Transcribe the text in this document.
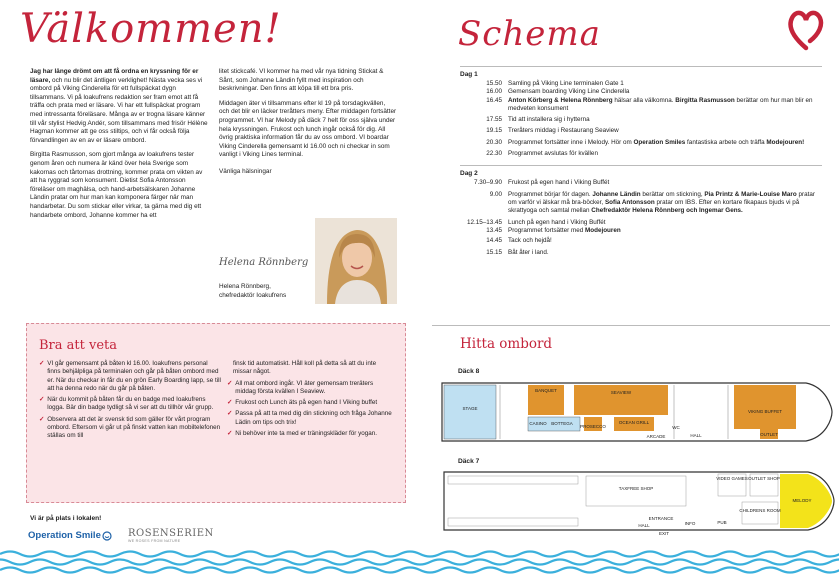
Välkommen!

Jag har länge drömt om att få ordna en kryssning för er läsare, och nu blir det äntligen verklighet! Nästa vecka ses vi ombord på Viking Cinderella för ett fullspäckat dygn tillsammans. Vi på loakufrens redaktion ser fram emot att få träffa och prata med er läsare. Vi har ett fullspäckat program med intressanta föreläsare. Många av er trogna läsare känner till vår stylist Hedvig Andér, som tillsammans med frisör Hélène Hagman kommer att ge oss stiltips, och vi får också följa förvandlingen av en av er läsare ombord.

Birgitta Rasmusson, som gjort många av loakufrens tester genom åren och numera är känd över hela Sverige som kakornas och tårtornas drottning, kommer prata om vikten av att ha ryggrad som konsument. Dietist Sofia Antonsson föreläser om maghälsa, och hand-arbetsälskaren Johanne Ländin pratar om hur man kan komponera färger när man handarbetar. Du som stickar eller virkar, ta gärna med dig ett handarbete ombord, Johanne kommer ha ett

litet stickcafé. VI kommer ha med vår nya tidning Stickat & Sånt, som Johanne Ländin fyllt med inspiration och beskrivningar. Den finns att köpa till ett bra pris.

Middagen äter vi tillsammans efter kl 19 på torsdagkvällen, och det blir en läcker treråtters meny. Efter middagen fortsätter programmet. VI har Melody på däck 7 helt för oss själva under hela kryssningen. Frukost och lunch ingår också för dig. All övrig praktiska information får du av oss ombord. VI boardar Viking Cinderella gemensamt kl 16.00 och ni checkar in som vanligt i Viking Lines terminal.

Vänliga hälsningar

Helena Rönnberg
Helena Rönnberg,
chefredaktör Ioakufrens
Bra att veta
✓ VI går gemensamt på båten kl 16.00. Ioakufrens personal finns behjälpliga på terminalen och går på båten ombord med er. När du checkar in får du en grön Early Boarding lapp, se till att ha denna redo när du går på båten.
✓ När du kommit på båten får du en badge med Ioakufrens logga. Bär din badge tydligt så vi ser att du tillhör vår grupp.
✓ Observera att det är svensk tid som gäller för vårt program ombord. Eftersom vi går ut på finskt vatten kan mobiltelefonen ställas om till
finsk tid automatiskt. Håll koll på detta så att du inte missar något.
✓ All mat ombord ingår. VI äter gemensam treräters middag första kvällen I Seaview.
✓ Frukost och Lunch äts på egen hand I Viking buffet
✓ Passa på att ta med dig din stickning och fråga Johanne Lädin om tips och trix!
✓ Ni behöver inte ta med er träningskläder för yogan.
Vi är på plats i lokalen!
Operation Smile	ROSENSERIEN
WE ROSES FROM NATURE
Schema
Dag 1
15.50 Samling på Viking Line terminalen Gate 1
16.00 Gemensam boarding Viking Line Cinderella
16.45 Anton Körberg & Helena Rönnberg hälsar alla välkomna. Birgitta Rasmusson berättar om hur man blir en medveten konsument
17.55 Tid att installera sig i hytterna
19.15 Treråters middag i Restaurang Seaview
20.30 Programmet fortsätter inne i Melody. Hör om Operation Smiles fantastiska arbete och träffa Modejouren!
22.30 Programmet avslutas för kvällen
Dag 2
7.30–9.90 Frukost på egen hand i Viking Buffét
9.00 Programmet börjar för dagen. Johanne Ländin berättar om stickning, Pia Printz & Marie-Louise Maro pratar om varför vi älskar må bra-böcker, Sofia Antonsson pratar om IBS. Efter en kortare fikapaus bjuds vi på skrattyoga och samtal mellan Chefredaktör Helena Rönnberg och Ingemar Gens.
12.15–13.45 Lunch på egen hand i Viking Buffét
13.45 Programmet fortsätter med Modejouren
14.45 Tack och hejdå!
15.15 Båt åter i land.
Hitta ombord
Däck 8
STAGE
BANQUET	SEAVIEW
CASINO BOTTEGA
PROSECCO
OCEAN GRILL
ARCADE	HALL
VIKING BUFFET
OUTLET
WC
Däck 7
TAXFREE SHOP
VIDEO GAMES OUTLET SHOP
MELODY
CHILDRENS ROOM
ENTRANCE
HALL	INFO	PUB
EXIT
